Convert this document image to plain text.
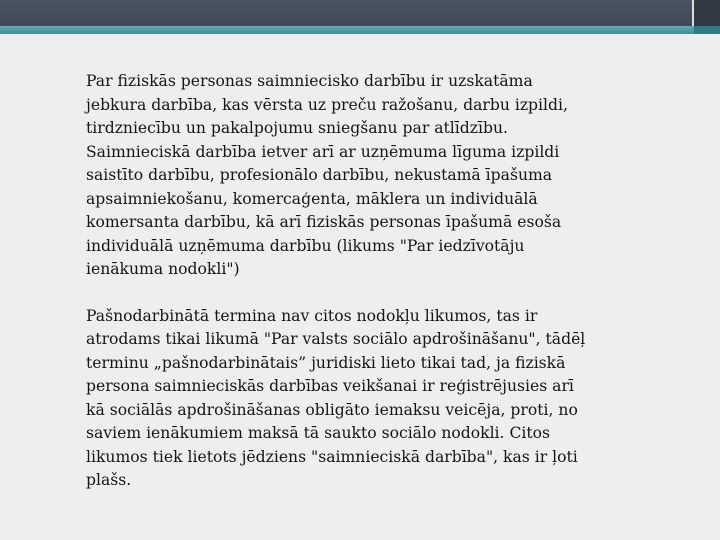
Par fiziskās personas saimniecisko darbību ir uzskatāma
jebkura darbība, kas vērsta uz preču ražošanu, darbu izpildi,
tirdzniecību un pakalpojumu sniegšanu par atlīdzību.
Saimnieciskā darbība ietver arī ar uzņēmuma līguma izpildi
saistīto darbību, profesionālo darbību, nekustamā īpašuma
apsaimniekošanu, komercaģenta, māklera un individuālā
komersanta darbību, kā arī fiziskās personas īpašumā esoša
individuālā uzņēmuma darbību (likums "Par iedzīvotāju
ienākuma nodokli")

Pašnodarbinātā termina nav citos nodokļu likumos, tas ir
atrodams tikai likumā "Par valsts sociālo apdrošināšanu", tādēļ
terminu „pašnodarbinātais” juridiski lieto tikai tad, ja fiziskā
persona saimnieciskās darbības veikšanai ir reģistrējusies arī
kā sociālās apdrošināšanas obligāto iemaksu veicēja, proti, no
saviem ienākumiem maksā tā saukto sociālo nodokli. Citos
likumos tiek lietots jēdziens "saimnieciskā darbība", kas ir ļoti
plašs.
